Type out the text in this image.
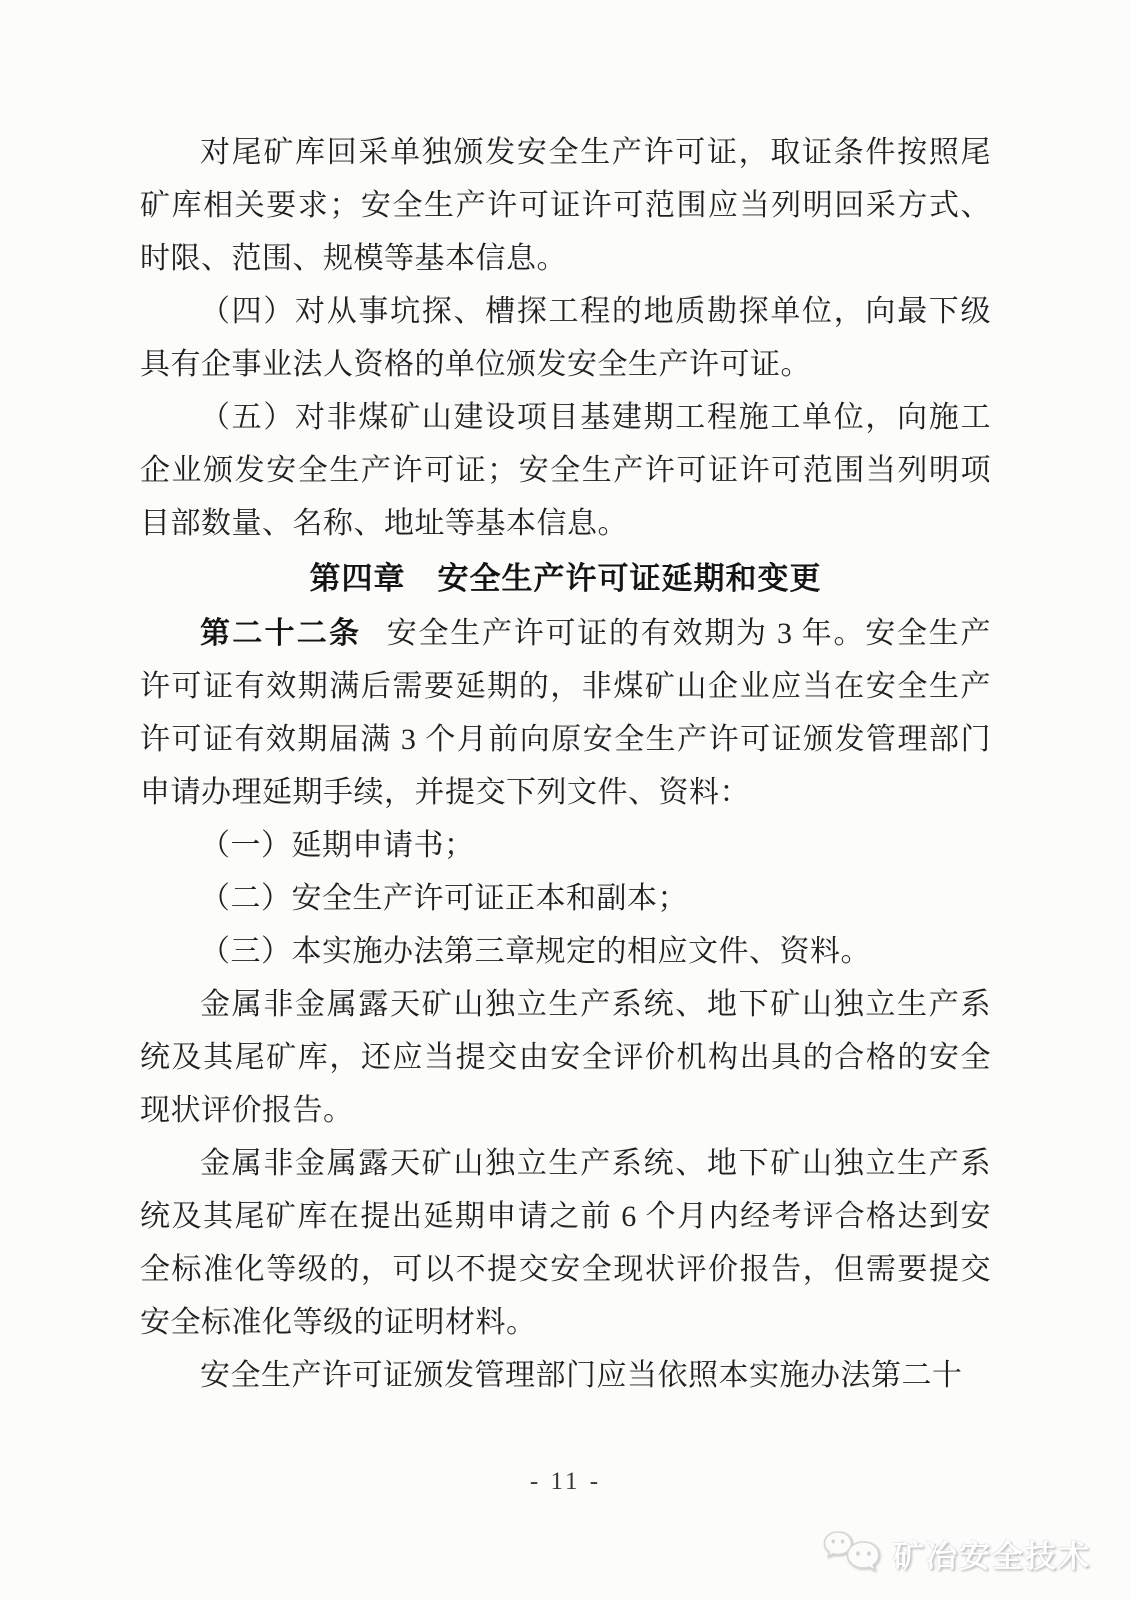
对尾矿库回采单独颁发安全生产许可证，取证条件按照尾矿库相关要求；安全生产许可证许可范围应当列明回采方式、时限、范围、规模等基本信息。

（四）对从事坑探、槽探工程的地质勘探单位，向最下级具有企事业法人资格的单位颁发安全生产许可证。

（五）对非煤矿山建设项目基建期工程施工单位，向施工企业颁发安全生产许可证；安全生产许可证许可范围当列明项目部数量、名称、地址等基本信息。

第四章　安全生产许可证延期和变更

第二十二条 安全生产许可证的有效期为 3 年。安全生产许可证有效期满后需要延期的，非煤矿山企业应当在安全生产许可证有效期届满 3 个月前向原安全生产许可证颁发管理部门申请办理延期手续，并提交下列文件、资料：

（一）延期申请书；

（二）安全生产许可证正本和副本；

（三）本实施办法第三章规定的相应文件、资料。

金属非金属露天矿山独立生产系统、地下矿山独立生产系统及其尾矿库，还应当提交由安全评价机构出具的合格的安全现状评价报告。

金属非金属露天矿山独立生产系统、地下矿山独立生产系统及其尾矿库在提出延期申请之前 6 个月内经考评合格达到安全标准化等级的，可以不提交安全现状评价报告，但需要提交安全标准化等级的证明材料。

安全生产许可证颁发管理部门应当依照本实施办法第二十

- 11 -
矿冶安全技术
